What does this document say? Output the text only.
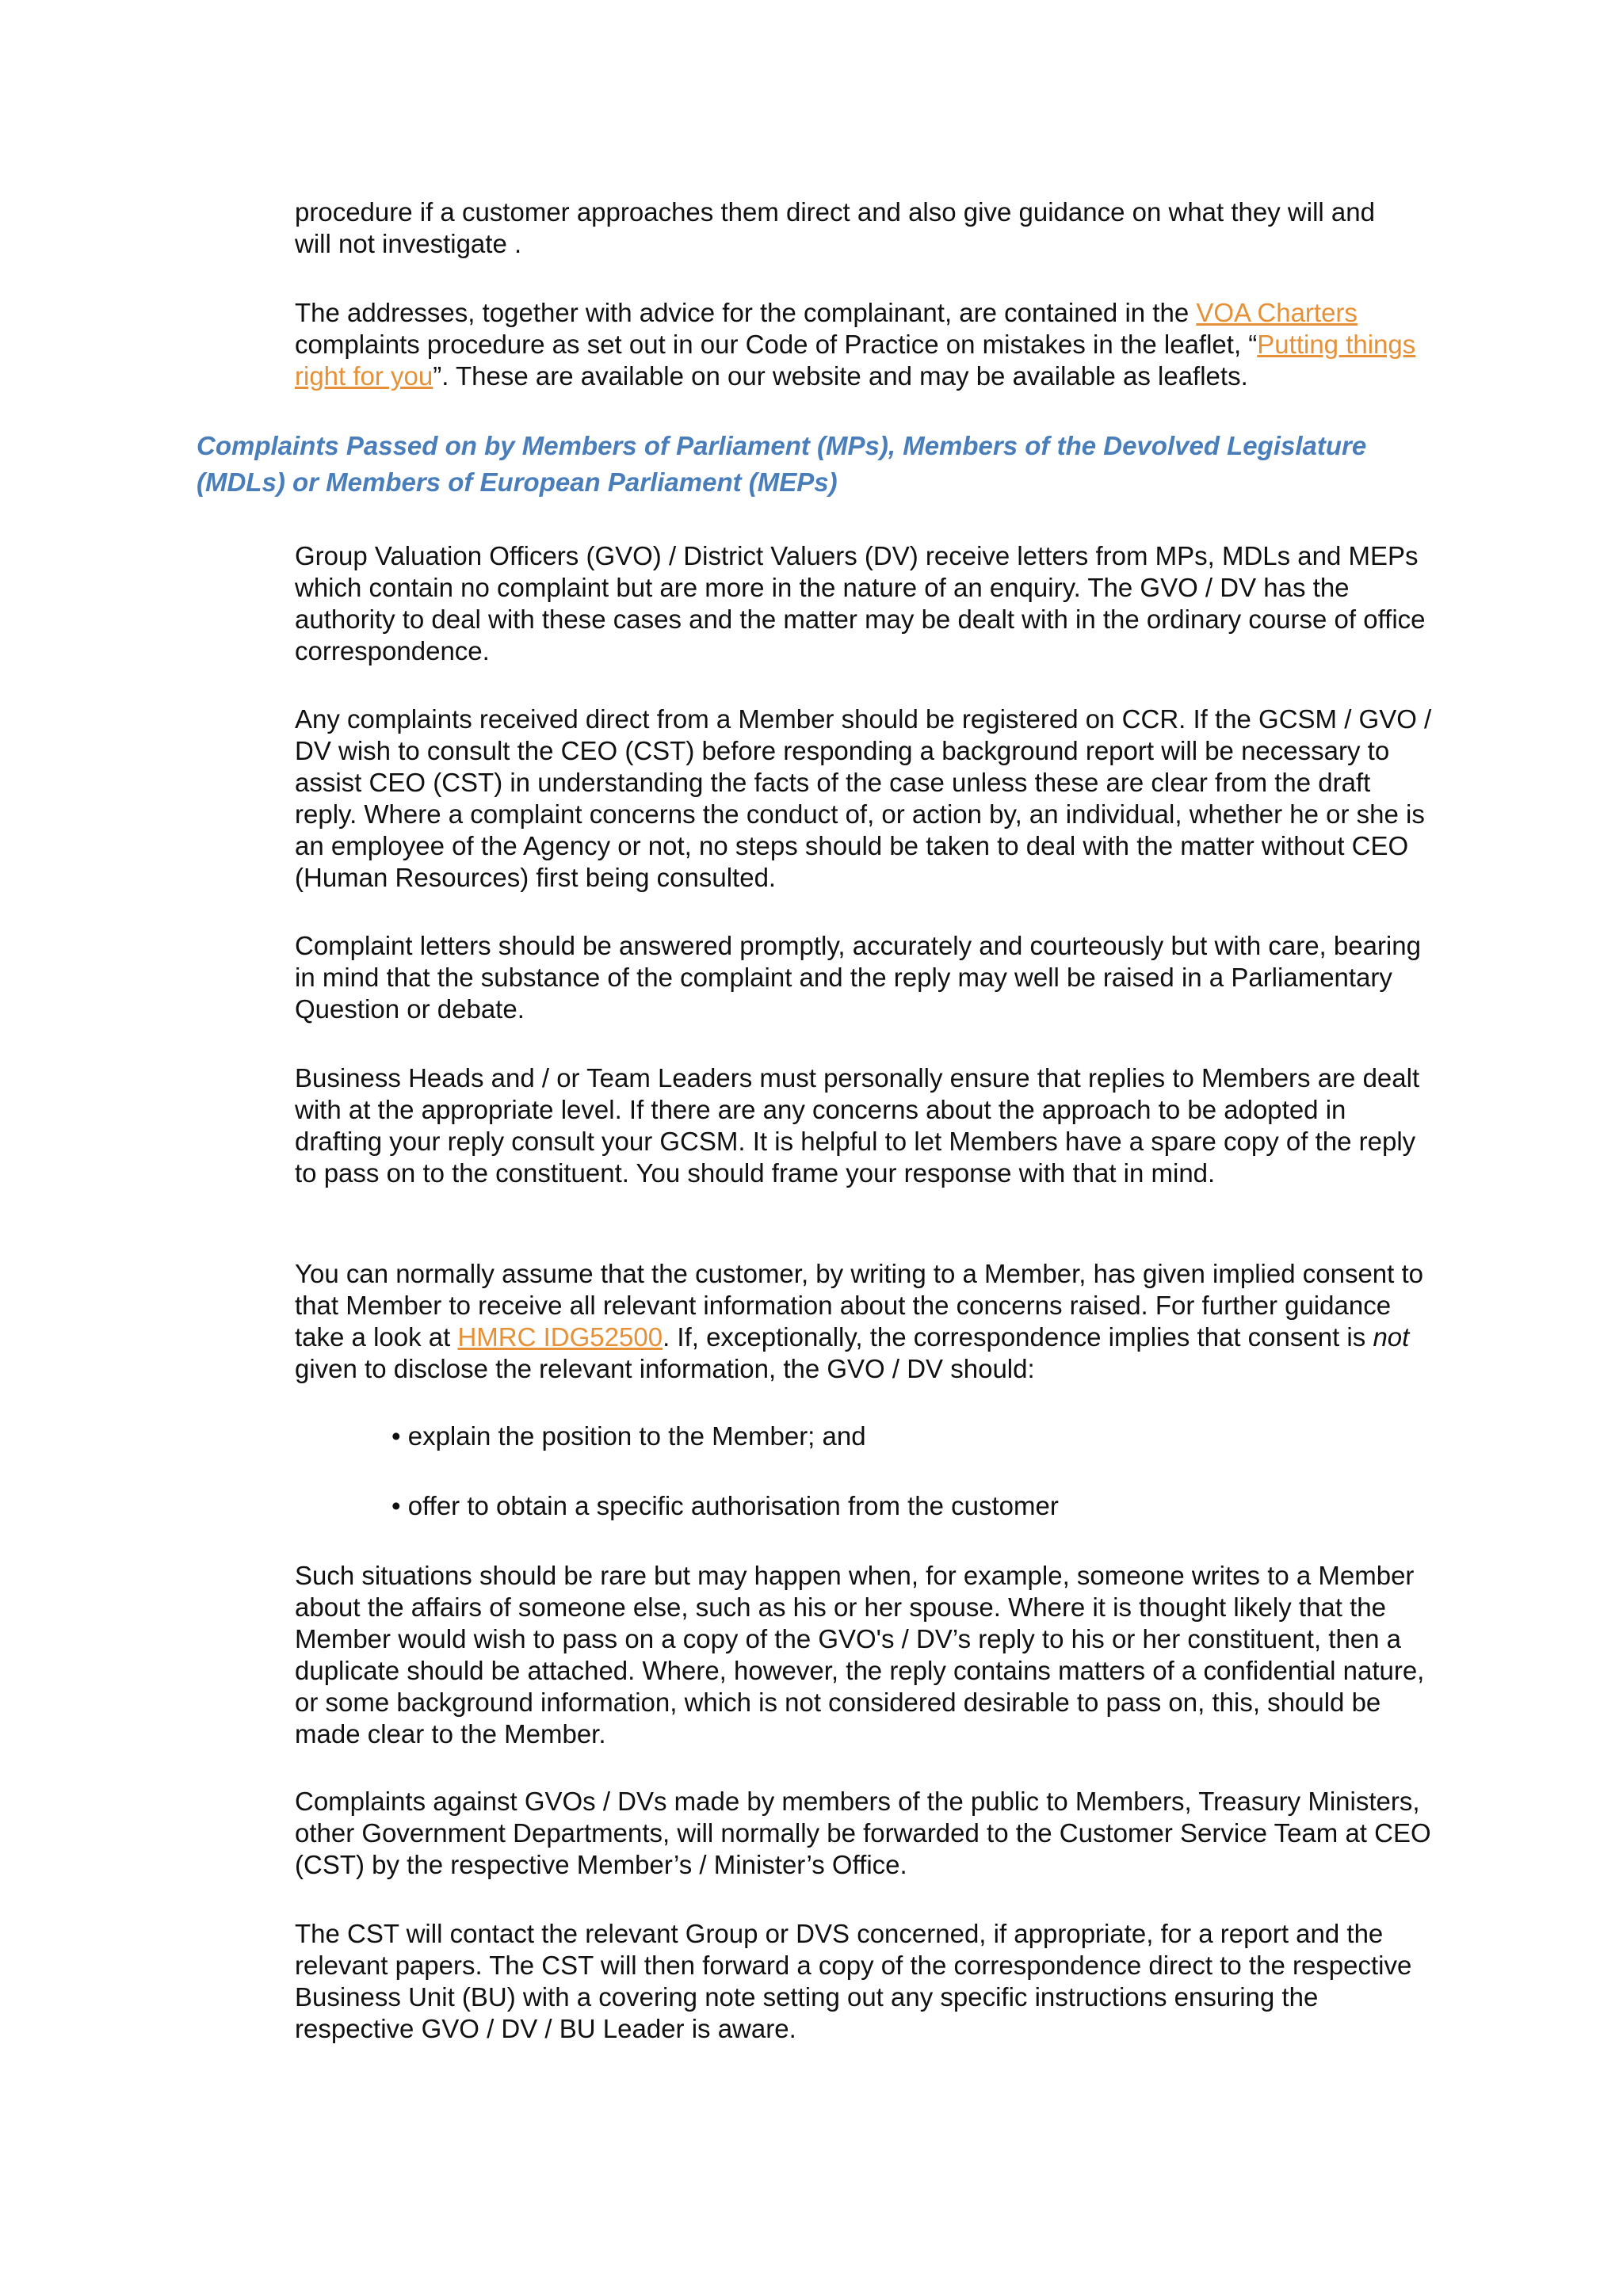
procedure if a customer approaches them direct and also give guidance on what they will and
will not investigate .

The addresses, together with advice for the complainant, are contained in the VOA Charters
complaints procedure as set out in our Code of Practice on mistakes in the leaflet, “Putting things right for you”. These are available on our website and may be available as leaflets.

Complaints Passed on by Members of Parliament (MPs), Members of the Devolved Legislature (MDLs) or Members of European Parliament (MEPs)

Group Valuation Officers (GVO) / District Valuers (DV) receive letters from MPs, MDLs and MEPs which contain no complaint but are more in the nature of an enquiry. The GVO / DV has the authority to deal with these cases and the matter may be dealt with in the ordinary course of office correspondence.

Any complaints received direct from a Member should be registered on CCR. If the GCSM / GVO / DV wish to consult the CEO (CST) before responding a background report will be necessary to assist CEO (CST) in understanding the facts of the case unless these are clear from the draft reply. Where a complaint concerns the conduct of, or action by, an individual, whether he or she is an employee of the Agency or not, no steps should be taken to deal with the matter without CEO (Human Resources) first being consulted.

Complaint letters should be answered promptly, accurately and courteously but with care, bearing in mind that the substance of the complaint and the reply may well be raised in a Parliamentary Question or debate.

Business Heads and / or Team Leaders must personally ensure that replies to Members are dealt with at the appropriate level. If there are any concerns about the approach to be adopted in drafting your reply consult your GCSM. It is helpful to let Members have a spare copy of the reply to pass on to the constituent. You should frame your response with that in mind.

You can normally assume that the customer, by writing to a Member, has given implied consent to that Member to receive all relevant information about the concerns raised. For further guidance take a look at HMRC IDG52500. If, exceptionally, the correspondence implies that consent is not given to disclose the relevant information, the GVO / DV should:

• explain the position to the Member; and

• offer to obtain a specific authorisation from the customer

Such situations should be rare but may happen when, for example, someone writes to a Member about the affairs of someone else, such as his or her spouse. Where it is thought likely that the Member would wish to pass on a copy of the GVO's / DV’s reply to his or her constituent, then a duplicate should be attached. Where, however, the reply contains matters of a confidential nature, or some background information, which is not considered desirable to pass on, this, should be made clear to the Member.

Complaints against GVOs / DVs made by members of the public to Members, Treasury Ministers, other Government Departments, will normally be forwarded to the Customer Service Team at CEO (CST) by the respective Member’s / Minister’s Office.

The CST will contact the relevant Group or DVS concerned, if appropriate, for a report and the relevant papers. The CST will then forward a copy of the correspondence direct to the respective Business Unit (BU) with a covering note setting out any specific instructions ensuring the respective GVO / DV / BU Leader is aware.
